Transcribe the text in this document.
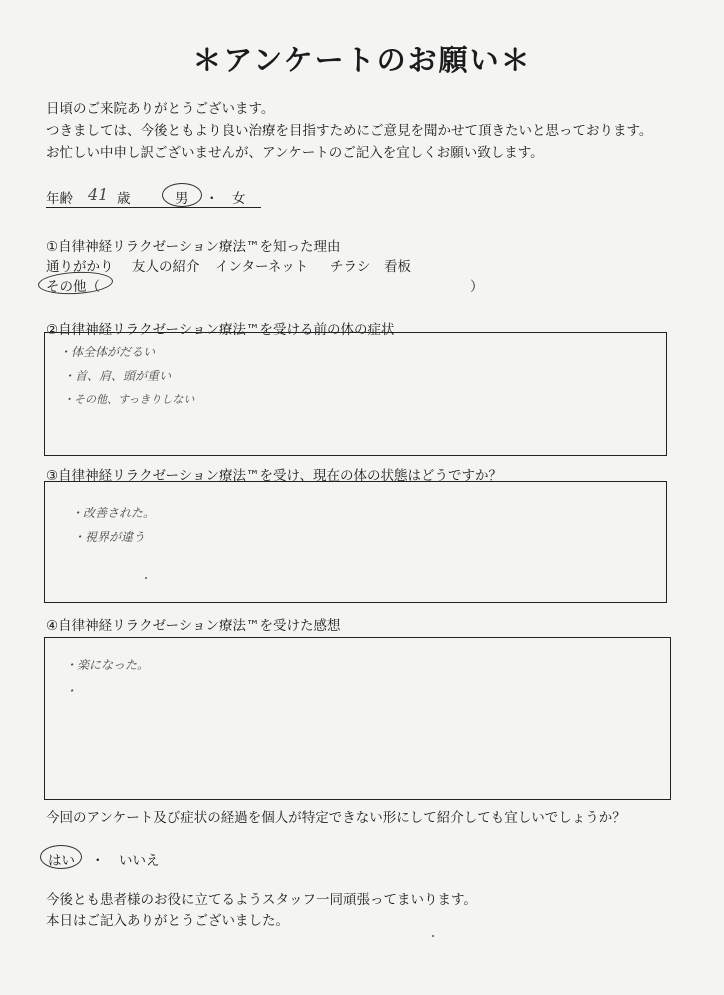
＊アンケートのお願い＊
日頃のご来院ありがとうございます。
つきましては、今後ともより良い治療を目指すためにご意見を聞かせて頂きたいと思っております。
お忙しい中申し訳ございませんが、アンケートのご記入を宜しくお願い致します。
年齢 41 歳	男 ・ 女
①自律神経リラクゼーション療法™を知った理由
通りがかり 友人の紹介 インターネット チラシ 看板
その他（	）
②自律神経リラクゼーション療法™を受ける前の体の症状
・体全体がだるい
・首、肩、頭が重い
・その他、すっきりしない
③自律神経リラクゼーション療法™を受け、現在の体の状態はどうですか？
・改善された。
・視界が違う
④自律神経リラクゼーション療法™を受けた感想
・楽になった。
・
今回のアンケート及び症状の経過を個人が特定できない形にして紹介しても宜しいでしょうか？
はい ・ いいえ
今後とも患者様のお役に立てるようスタッフ一同頑張ってまいります。
本日はご記入ありがとうございました。
